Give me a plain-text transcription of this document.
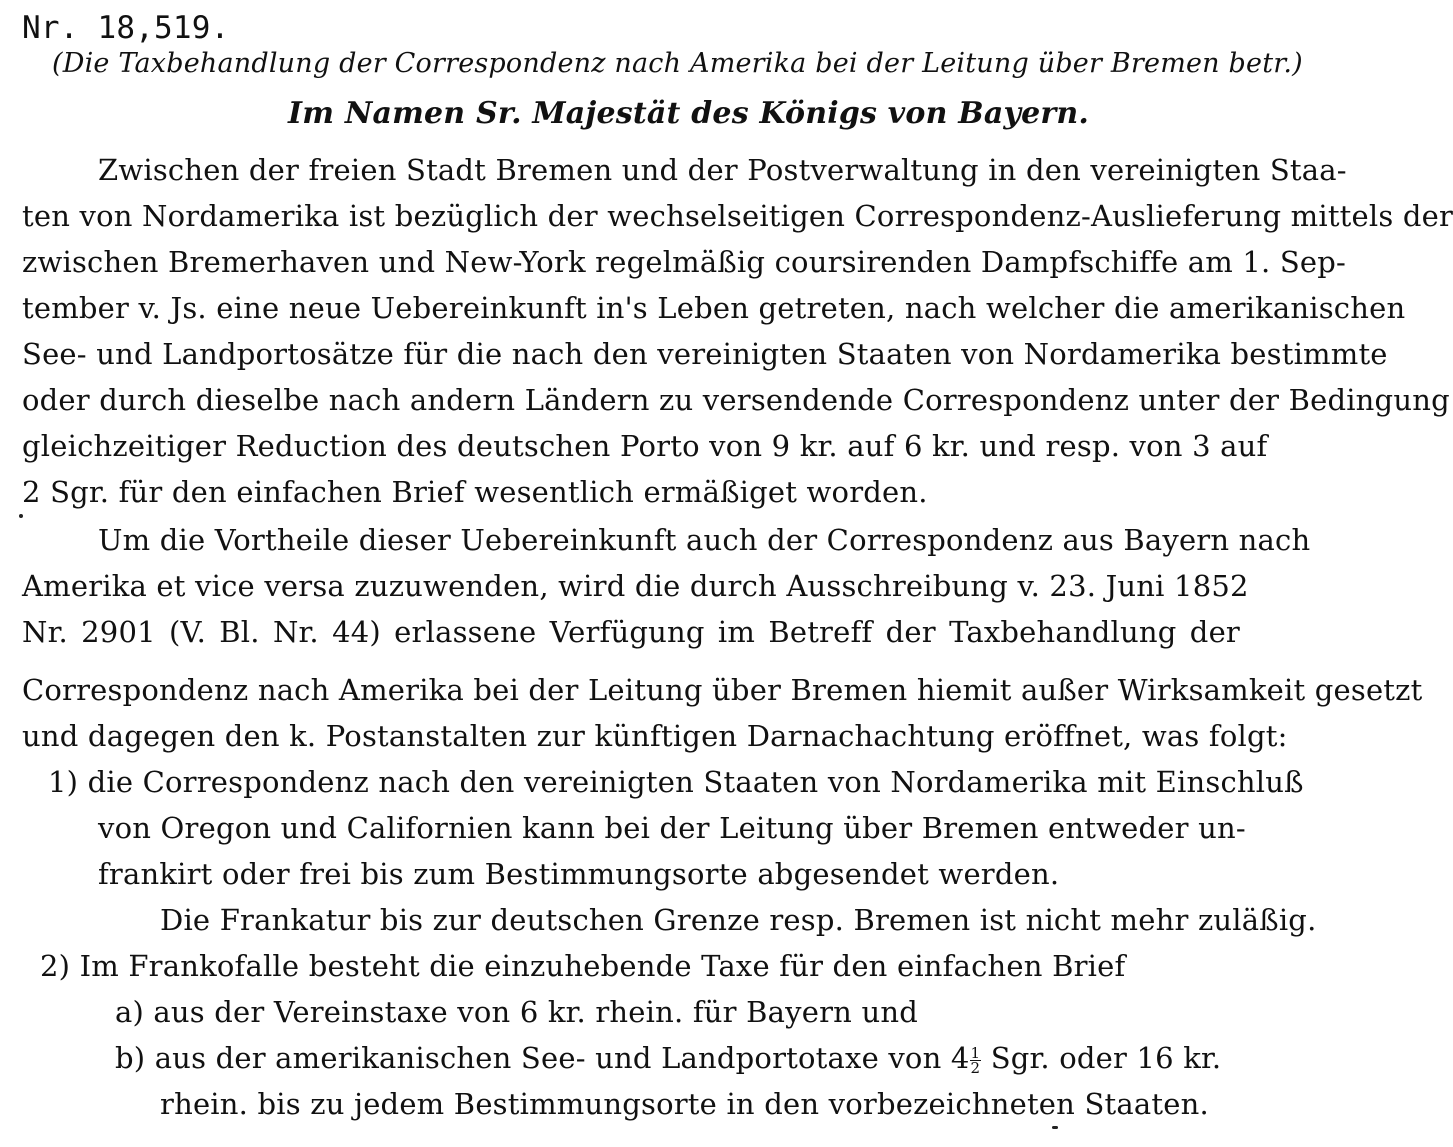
Nr. 18,519.
(Die Taxbehandlung der Correspondenz nach Amerika bei der Leitung über Bremen betr.)
Im Namen Sr. Majestät des Königs von Bayern.
Zwischen der freien Stadt Bremen und der Postverwaltung in den vereinigten Staa-
ten von Nordamerika ist bezüglich der wechselseitigen Correspondenz-Auslieferung mittels der
zwischen Bremerhaven und New-York regelmäßig coursirenden Dampfschiffe am 1. Sep-
tember v. Js. eine neue Uebereinkunft in's Leben getreten, nach welcher die amerikanischen
See- und Landportosätze für die nach den vereinigten Staaten von Nordamerika bestimmte
oder durch dieselbe nach andern Ländern zu versendende Correspondenz unter der Bedingung
gleichzeitiger Reduction des deutschen Porto von 9 kr. auf 6 kr. und resp. von 3 auf
2 Sgr. für den einfachen Brief wesentlich ermäßiget worden.
Um die Vortheile dieser Uebereinkunft auch der Correspondenz aus Bayern nach
Amerika et vice versa zuzuwenden, wird die durch Ausschreibung v. 23. Juni 1852
Nr. 2901 (V. Bl. Nr. 44) erlassene Verfügung im Betreff der Taxbehandlung der
Correspondenz nach Amerika bei der Leitung über Bremen hiemit außer Wirksamkeit gesetzt
und dagegen den k. Postanstalten zur künftigen Darnachachtung eröffnet, was folgt:
1) die Correspondenz nach den vereinigten Staaten von Nordamerika mit Einschluß
von Oregon und Californien kann bei der Leitung über Bremen entweder un-
frankirt oder frei bis zum Bestimmungsorte abgesendet werden.
Die Frankatur bis zur deutschen Grenze resp. Bremen ist nicht mehr zuläßig.
2) Im Frankofalle besteht die einzuhebende Taxe für den einfachen Brief
a) aus der Vereinstaxe von 6 kr. rhein. für Bayern und
b) aus der amerikanischen See- und Landportotaxe von $4 \frac{1}{2}$ Sgr. oder 16 kr.
rhein. bis zu jedem Bestimmungsorte in den vorbezeichneten Staaten.
